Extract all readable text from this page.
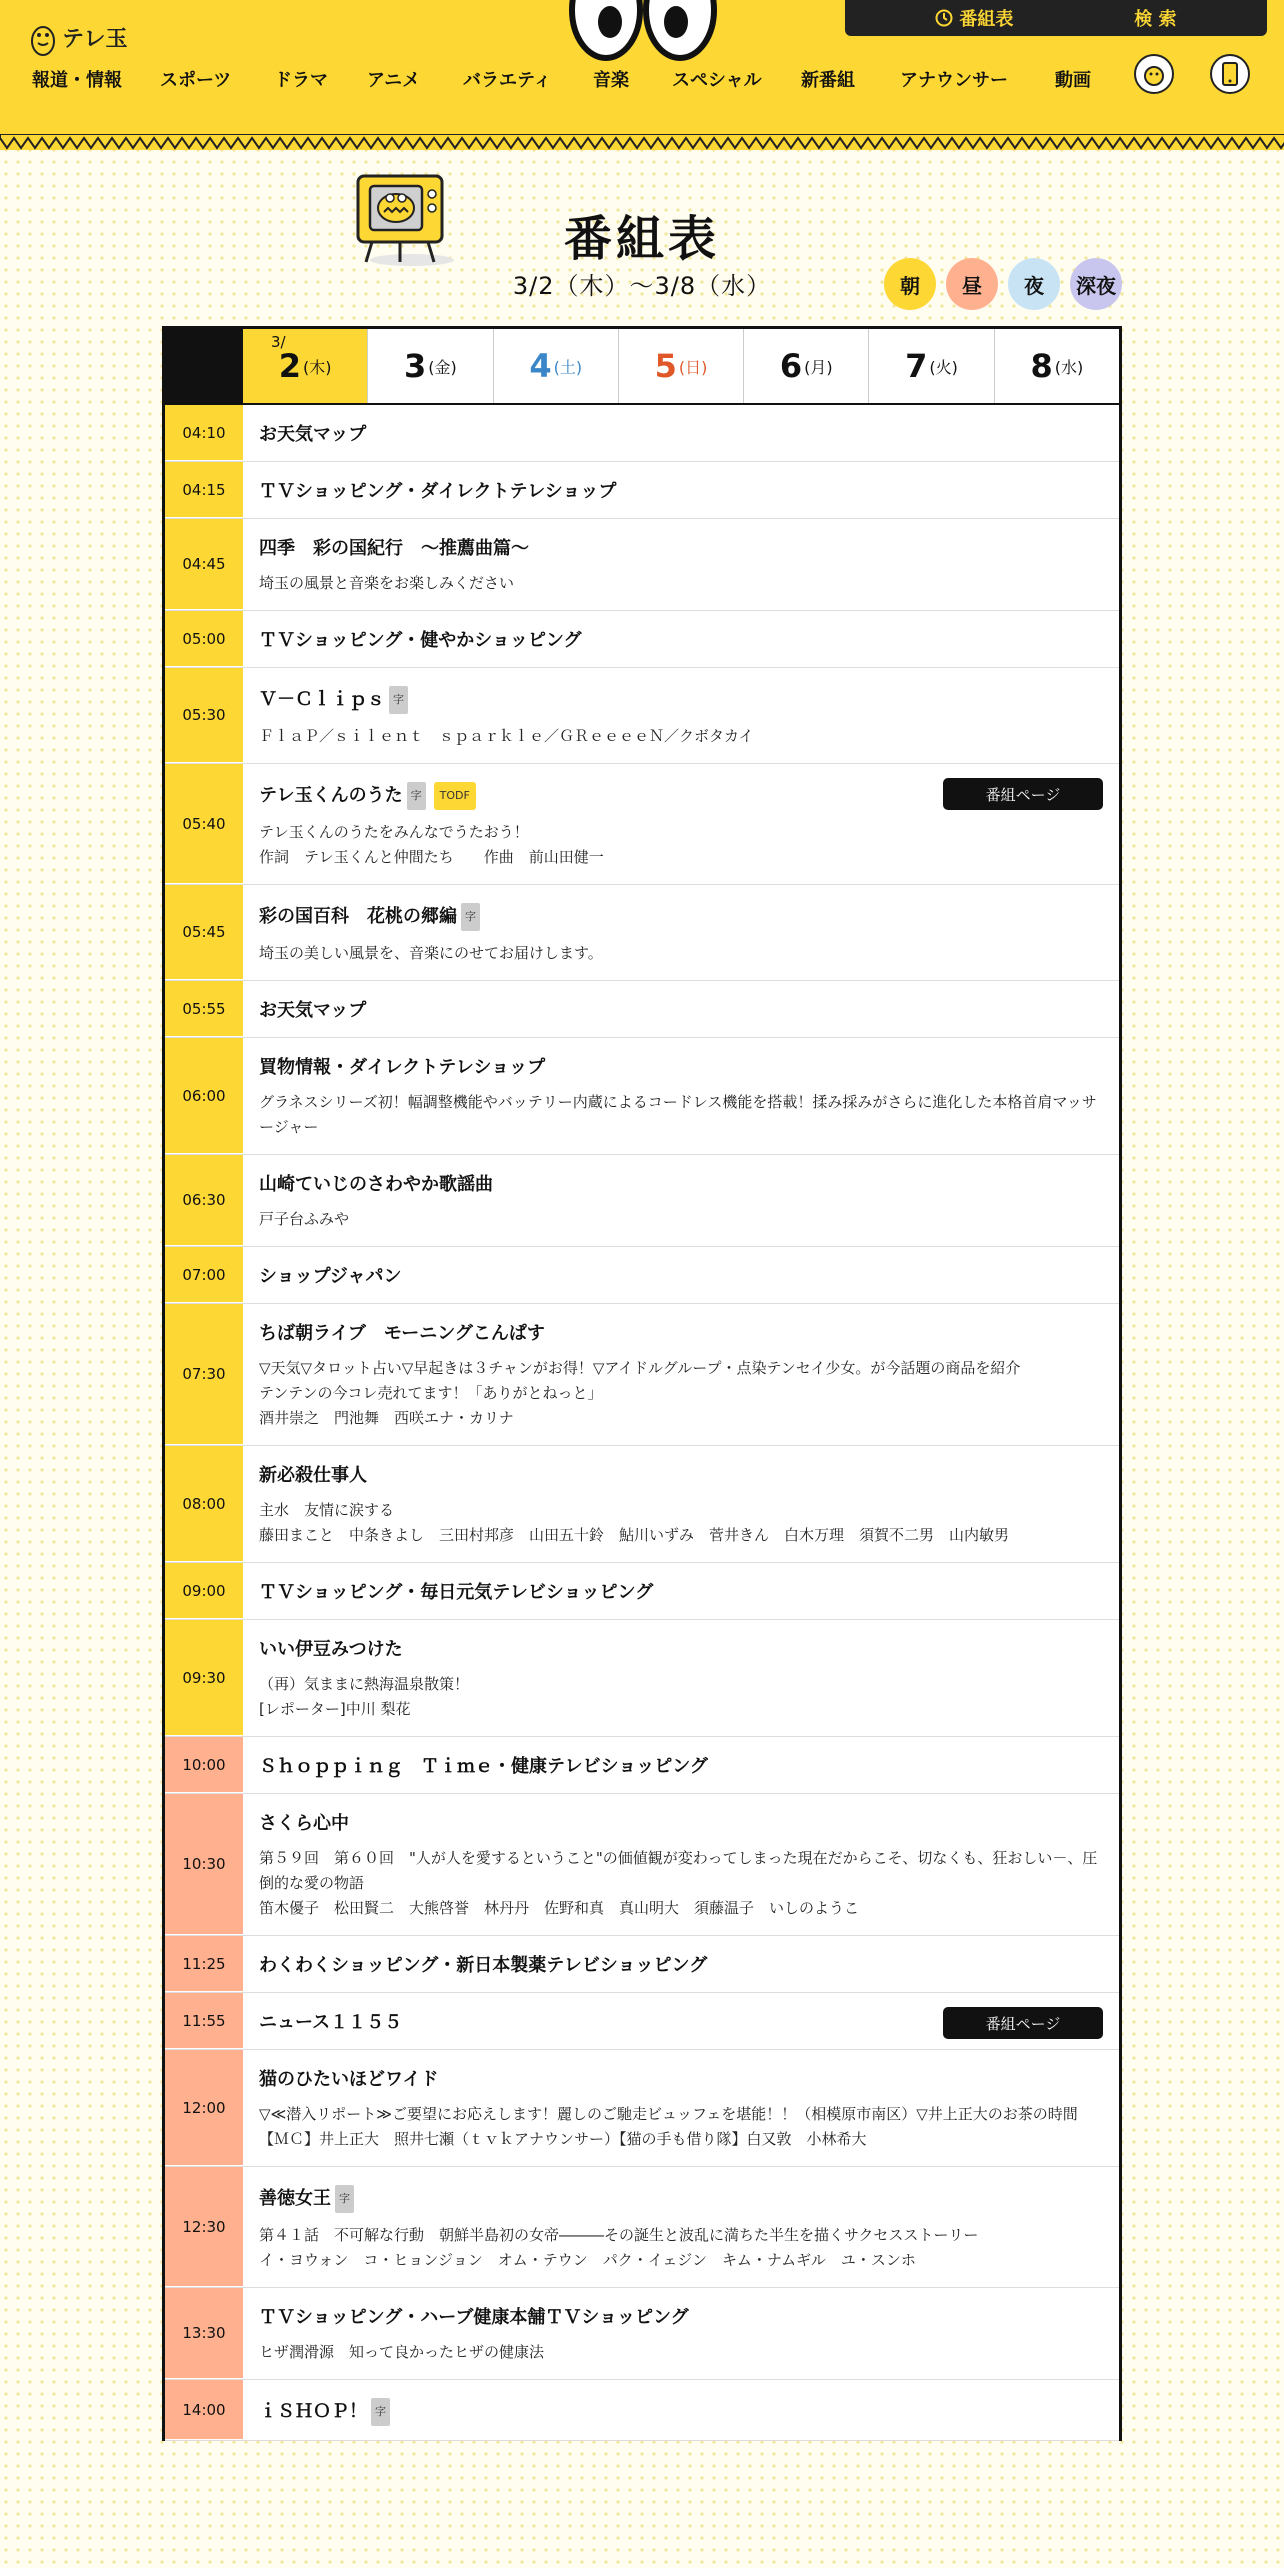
テレ玉
番組表	検 索
報道・情報 スポーツ ドラマ アニメ バラエティ 音楽 スペシャル 新番組	アナウンサー	動画
番組表
3/2（木）〜3/8（水）	朝	昼	夜	深夜
3/
2 (木) 3 (金) 4 (土) 5 (日) 6 (月) 7 (火) 8 (水)
04:10	お天気マップ
04:15	ＴＶショッピング・ダイレクトテレショップ
04:45
四季　彩の国紀行　～推薦曲篇～
埼玉の風景と音楽をお楽しみください
05:00	ＴＶショッピング・健やかショッピング
05:30
Ｖ－Ｃｌｉｐｓ 字
ＦｌａＰ／ｓｉｌｅｎｔ　ｓｐａｒｋｌｅ／ＧＲｅｅｅｅＮ／クボタカイ
05:40
テレ玉くんのうた 字	TODF
テレ玉くんのうたをみんなでうたおう！
作詞　テレ玉くんと仲間たち　　作曲　前山田健一
番組ページ
05:45
彩の国百科　花桃の郷編 字
埼玉の美しい風景を、音楽にのせてお届けします。
05:55	お天気マップ
06:00
買物情報・ダイレクトテレショップ
グラネスシリーズ初！幅調整機能やバッテリー内蔵によるコードレス機能を搭載！揉み採みがさらに進化した本格首肩マッサージャー
06:30
山崎ていじのさわやか歌謡曲
戸子台ふみや
07:00	ショップジャパン
07:30
ちば朝ライブ　モーニングこんぱす
▽天気▽タロット占い▽早起きは３チャンがお得！▽アイドルグループ・点染テンセイ少女。が今話題の商品を紹介
テンテンの今コレ売れてます！「ありがとねっと」
酒井崇之　門池舞　西咲エナ・カリナ
08:00
新必殺仕事人
主水　友情に涙する
藤田まこと　中条きよし　三田村邦彦　山田五十鈴　鮎川いずみ　菅井きん　白木万理　須賀不二男　山内敏男
09:00	ＴＶショッピング・毎日元気テレビショッピング
09:30
いい伊豆みつけた
（再）気ままに熱海温泉散策！
[レポーター]中川 梨花
10:00	Ｓｈｏｐｐｉｎｇ　Ｔｉｍｅ・健康テレビショッピング
10:30
さくら心中
第５９回　第６０回　"人が人を愛するということ"の価値観が変わってしまった現在だからこそ、切なくも、狂おしい－、圧倒的な愛の物語
笛木優子　松田賢二　大熊啓誉　林丹丹　佐野和真　真山明大　須藤温子　いしのようこ
11:25	わくわくショッピング・新日本製薬テレビショッピング
11:55	ニュース１１５５	番組ページ
12:00
猫のひたいほどワイド
▽≪潜入リポート≫ご要望にお応えします！麗しのご馳走ビュッフェを堪能！！（相模原市南区）▽井上正大のお茶の時間
【ＭＣ】井上正大　照井七瀬（ｔｖｋアナウンサー）【猫の手も借り隊】白又敦　小林希大
12:30
善徳女王 字
第４１話　不可解な行動　朝鮮半島初の女帝―――その誕生と波乱に満ちた半生を描くサクセスストーリー
イ・ヨウォン　コ・ヒョンジョン　オム・テウン　パク・イェジン　キム・ナムギル　ユ・スンホ
13:30
ＴＶショッピング・ハーブ健康本舗ＴＶショッピング
ヒザ潤滑源　知って良かったヒザの健康法
14:00	ｉＳＨＯＰ！ 字
